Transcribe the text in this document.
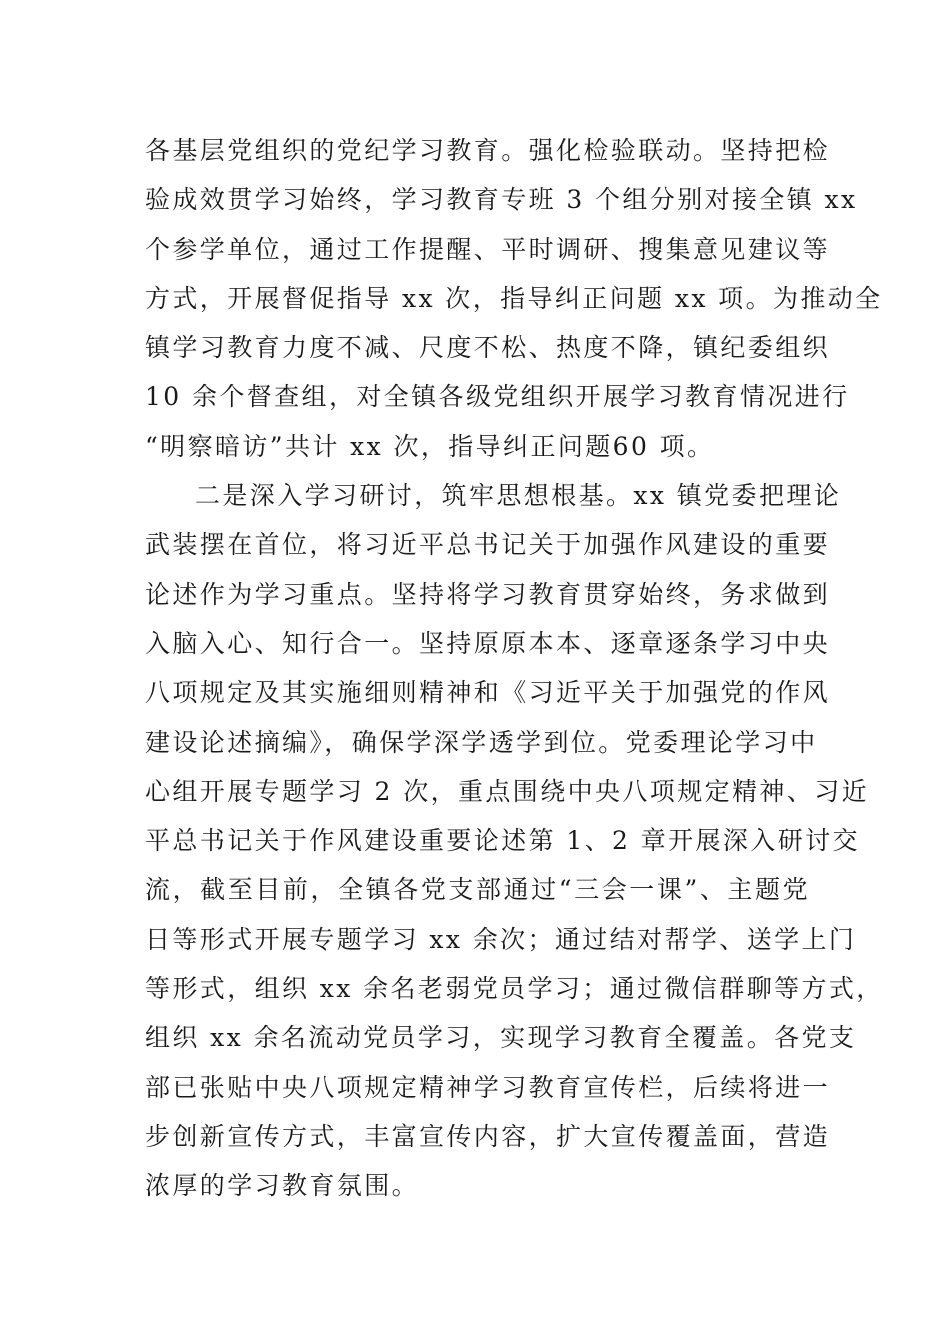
各基层党组织的党纪学习教育。强化检验联动。坚持把检
验成效贯学习始终，学习教育专班 3 个组分别对接全镇 xx
个参学单位，通过工作提醒、平时调研、搜集意见建议等
方式，开展督促指导 xx 次，指导纠正问题 xx 项。为推动全
镇学习教育力度不减、尺度不松、热度不降，镇纪委组织
10 余个督查组，对全镇各级党组织开展学习教育情况进行
“明察暗访”共计 xx 次，指导纠正问题60 项。
二是深入学习研讨，筑牢思想根基。xx 镇党委把理论
武装摆在首位，将习近平总书记关于加强作风建设的重要
论述作为学习重点。坚持将学习教育贯穿始终，务求做到
入脑入心、知行合一。坚持原原本本、逐章逐条学习中央
八项规定及其实施细则精神和《习近平关于加强党的作风
建设论述摘编》，确保学深学透学到位。党委理论学习中
心组开展专题学习 2 次，重点围绕中央八项规定精神、习近
平总书记关于作风建设重要论述第 1、2 章开展深入研讨交
流，截至目前，全镇各党支部通过“三会一课”、主题党
日等形式开展专题学习 xx 余次；通过结对帮学、送学上门
等形式，组织 xx 余名老弱党员学习；通过微信群聊等方式，
组织 xx 余名流动党员学习，实现学习教育全覆盖。各党支
部已张贴中央八项规定精神学习教育宣传栏，后续将进一
步创新宣传方式，丰富宣传内容，扩大宣传覆盖面，营造
浓厚的学习教育氛围。
